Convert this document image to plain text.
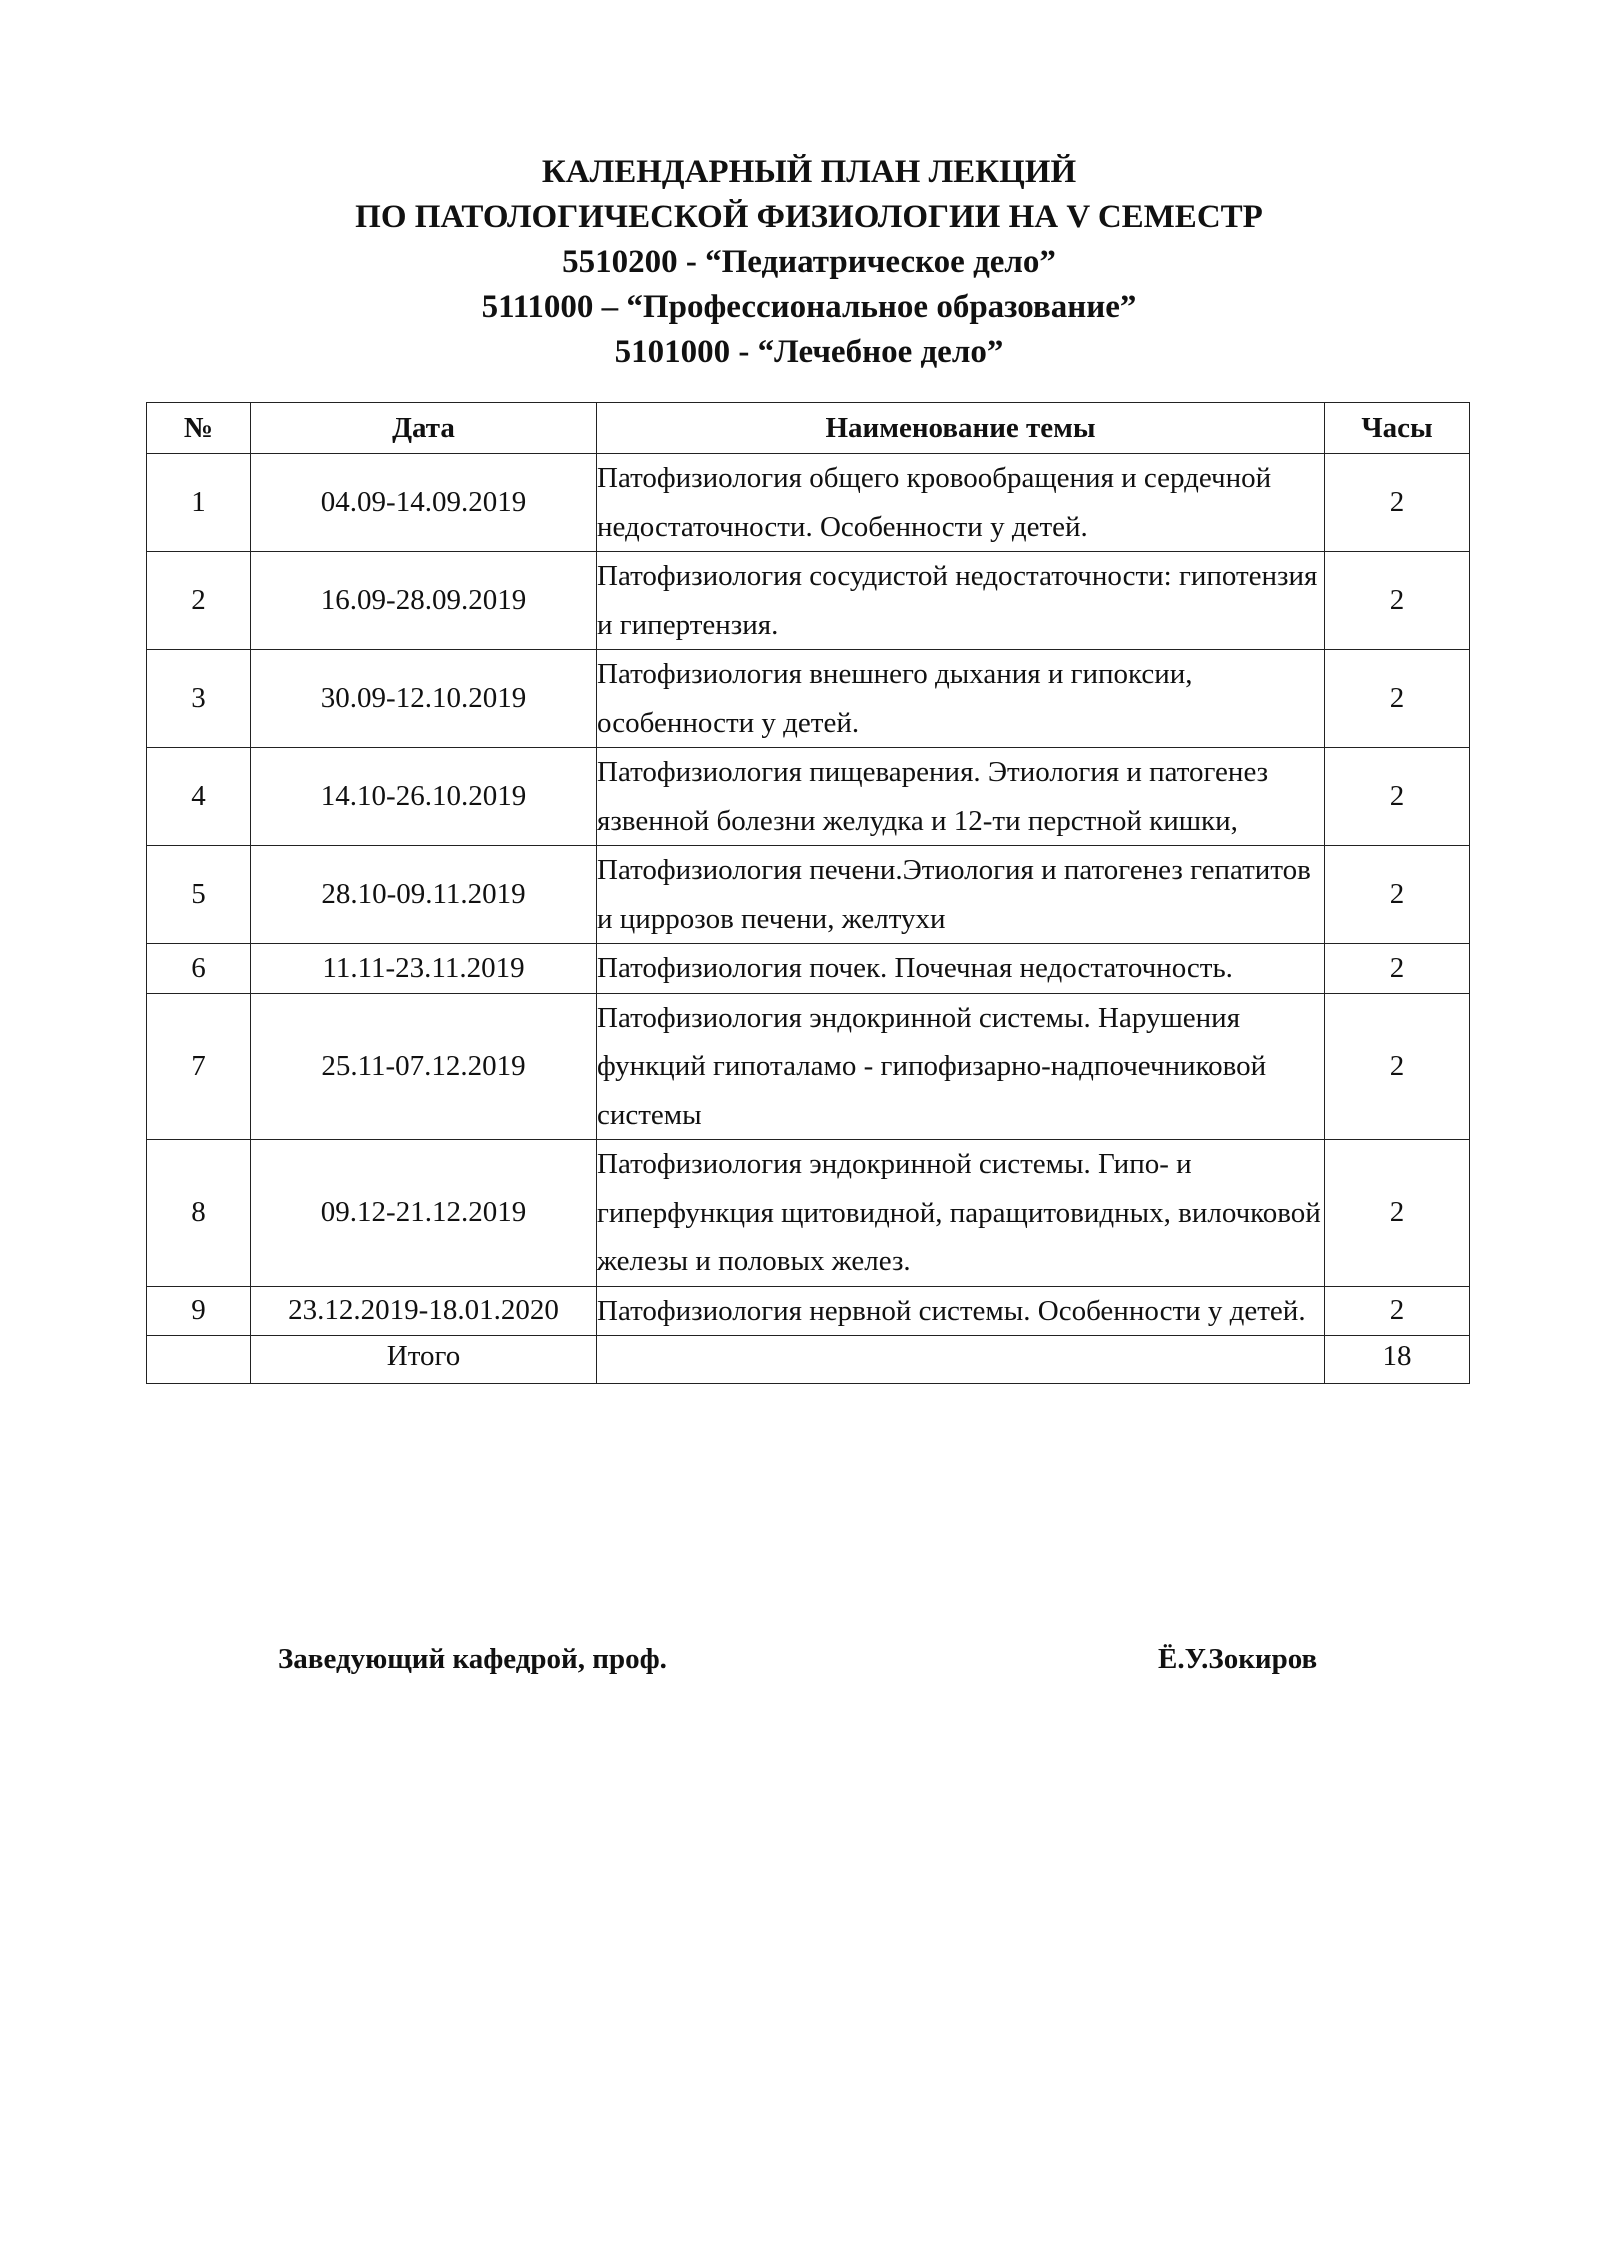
КАЛЕНДАРНЫЙ ПЛАН ЛЕКЦИЙ
ПО ПАТОЛОГИЧЕСКОЙ ФИЗИОЛОГИИ НА V СЕМЕСТР
5510200 - “Педиатрическое дело”
5111000 – “Профессиональное образование”
5101000 - “Лечебное дело”
№	Дата	Наименование темы	Часы
1	04.09-14.09.2019	Патофизиология общего кровообращения и сердечной недостаточности. Особенности у детей.	2
2	16.09-28.09.2019	Патофизиология сосудистой недостаточности: гипотензия и гипертензия.	2
3	30.09-12.10.2019	Патофизиология внешнего дыхания и гипоксии, особенности у детей.	2
4	14.10-26.10.2019	Патофизиология пищеварения. Этиология и патогенез язвенной болезни желудка и 12-ти перстной кишки,	2
5	28.10-09.11.2019	Патофизиология печени.Этиология и патогенез гепатитов и циррозов печени, желтухи	2
6	11.11-23.11.2019	Патофизиология почек. Почечная недостаточность.	2
7	25.11-07.12.2019	Патофизиология эндокринной системы. Нарушения функций гипоталамо - гипофизарно-надпочечниковой системы	2
8	09.12-21.12.2019	Патофизиология эндокринной системы. Гипо- и гиперфункция щитовидной, паращитовидных, вилочковой железы и половых желез.	2
9	23.12.2019-18.01.2020	Патофизиология нервной системы. Особенности у детей.	2
	Итого		18
Заведующий кафедрой, проф.	Ё.У.Зокиров
